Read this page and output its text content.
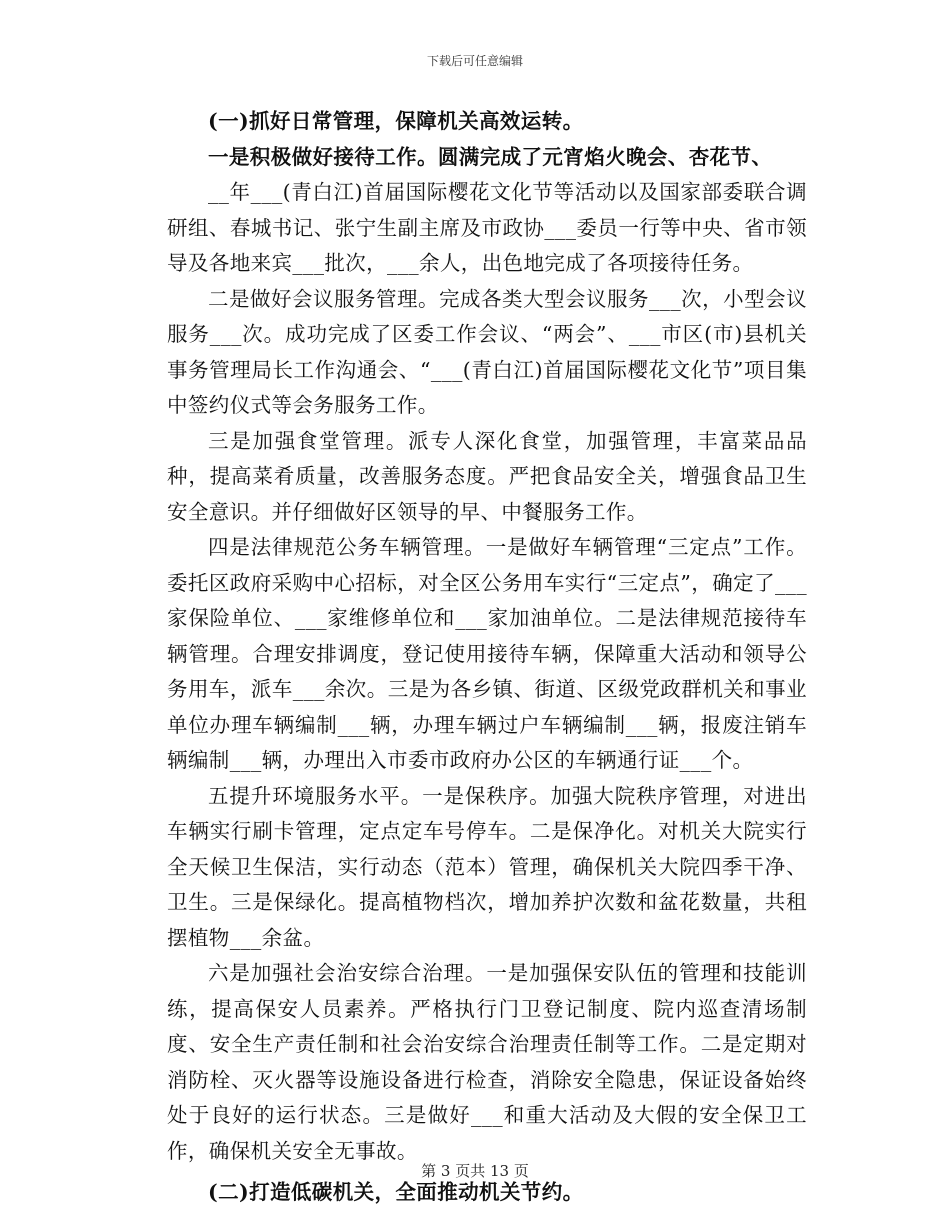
下载后可任意编辑

(一)抓好日常管理，保障机关高效运转。

一是积极做好接待工作。圆满完成了元宵焰火晚会、杏花节、

__年___(青白江)首届国际樱花文化节等活动以及国家部委联合调研组、春城书记、张宁生副主席及市政协___委员一行等中央、省市领导及各地来宾___批次，___余人，出色地完成了各项接待任务。

二是做好会议服务管理。完成各类大型会议服务___次，小型会议服务___次。成功完成了区委工作会议、“两会”、___市区(市)县机关事务管理局长工作沟通会、“___(青白江)首届国际樱花文化节”项目集中签约仪式等会务服务工作。

三是加强食堂管理。派专人深化食堂，加强管理，丰富菜品品种，提高菜肴质量，改善服务态度。严把食品安全关，增强食品卫生安全意识。并仔细做好区领导的早、中餐服务工作。

四是法律规范公务车辆管理。一是做好车辆管理“三定点”工作。委托区政府采购中心招标，对全区公务用车实行“三定点”，确定了___家保险单位、___家维修单位和___家加油单位。二是法律规范接待车辆管理。合理安排调度，登记使用接待车辆，保障重大活动和领导公务用车，派车___余次。三是为各乡镇、街道、区级党政群机关和事业单位办理车辆编制___辆，办理车辆过户车辆编制___辆，报废注销车辆编制___辆，办理出入市委市政府办公区的车辆通行证___个。

五提升环境服务水平。一是保秩序。加强大院秩序管理，对进出车辆实行刷卡管理，定点定车号停车。二是保净化。对机关大院实行全天候卫生保洁，实行动态（范本）管理，确保机关大院四季干净、卫生。三是保绿化。提高植物档次，增加养护次数和盆花数量，共租摆植物___余盆。

六是加强社会治安综合治理。一是加强保安队伍的管理和技能训练，提高保安人员素养。严格执行门卫登记制度、院内巡查清场制度、安全生产责任制和社会治安综合治理责任制等工作。二是定期对消防栓、灭火器等设施设备进行检查，消除安全隐患，保证设备始终处于良好的运行状态。三是做好___和重大活动及大假的安全保卫工作，确保机关安全无事故。

(二)打造低碳机关，全面推动机关节约。

第 3 页共 13 页
